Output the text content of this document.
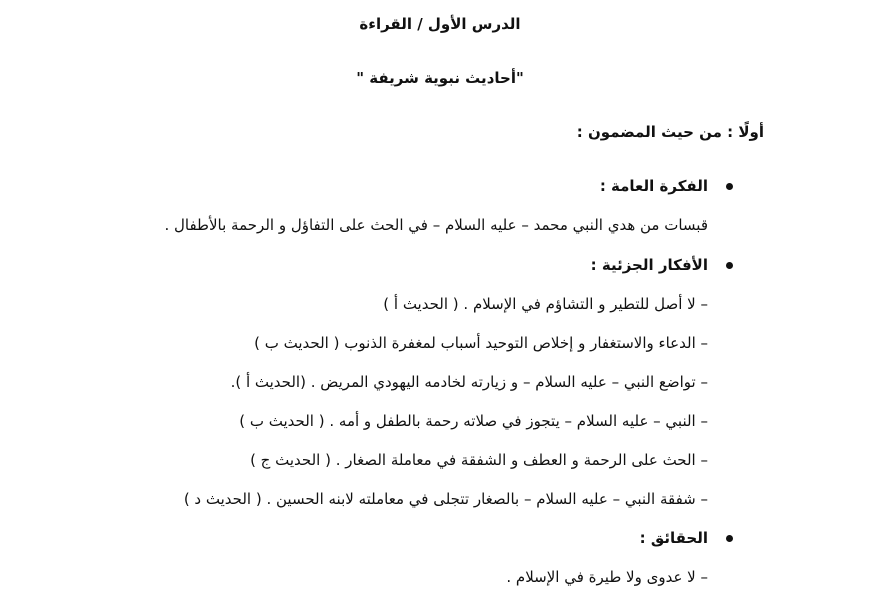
الدرس الأول / القراءة
"أحاديث نبوية شريفة "
أولًا : من حيث المضمون :
الفكرة العامة :
قبسات من هدي النبي محمد – عليه السلام – في الحث على التفاؤل و الرحمة بالأطفال .
الأفكار الجزئية :
– لا أصل للتطير و التشاؤم في الإسلام . ( الحديث أ )
– الدعاء والاستغفار و إخلاص التوحيد أسباب لمغفرة الذنوب ( الحديث ب )
– تواضع النبي – عليه السلام – و زيارته لخادمه اليهودي المريض . (الحديث أ ).
– النبي – عليه السلام – يتجوز في صلاته رحمة بالطفل و أمه . ( الحديث ب )
– الحث على الرحمة و العطف و الشفقة في معاملة الصغار . ( الحديث ج )
– شفقة النبي – عليه السلام – بالصغار تتجلى في معاملته لابنه الحسين . ( الحديث د )
الحقائق :
– لا عدوى ولا طيرة في الإسلام .
